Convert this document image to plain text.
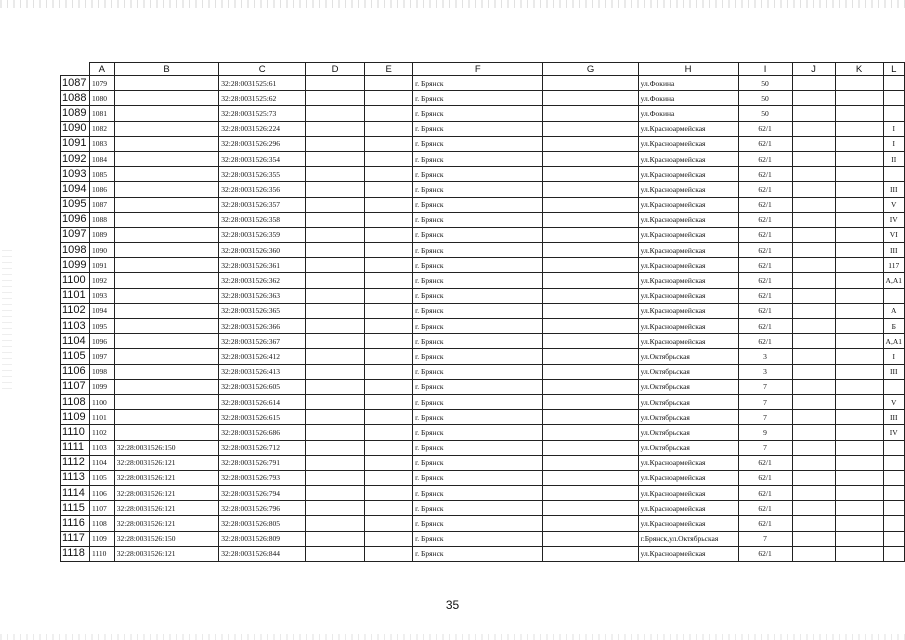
	A	B	C	D	E	F	G	H	I	J	K	L
1087	1079		32:28:0031525:61			г. Брянск		ул.Фокина	50			
1088	1080		32:28:0031525:62			г. Брянск		ул.Фокина	50			
1089	1081		32:28:0031525:73			г. Брянск		ул.Фокина	50			
1090	1082		32:28:0031526:224			г. Брянск		ул.Красноармейская	62/1			I
1091	1083		32:28:0031526:296			г. Брянск		ул.Красноармейская	62/1			I
1092	1084		32:28:0031526:354			г. Брянск		ул.Красноармейская	62/1			II
1093	1085		32:28:0031526:355			г. Брянск		ул.Красноармейская	62/1			
1094	1086		32:28:0031526:356			г. Брянск		ул.Красноармейская	62/1			III
1095	1087		32:28:0031526:357			г. Брянск		ул.Красноармейская	62/1			V
1096	1088		32:28:0031526:358			г. Брянск		ул.Красноармейская	62/1			IV
1097	1089		32:28:0031526:359			г. Брянск		ул.Красноармейская	62/1			VI
1098	1090		32:28:0031526:360			г. Брянск		ул.Красноармейская	62/1			III
1099	1091		32:28:0031526:361			г. Брянск		ул.Красноармейская	62/1			117
1100	1092		32:28:0031526:362			г. Брянск		ул.Красноармейская	62/1			А,А1
1101	1093		32:28:0031526:363			г. Брянск		ул.Красноармейская	62/1			
1102	1094		32:28:0031526:365			г. Брянск		ул.Красноармейская	62/1			А
1103	1095		32:28:0031526:366			г. Брянск		ул.Красноармейская	62/1			Б
1104	1096		32:28:0031526:367			г. Брянск		ул.Красноармейская	62/1			А,А1
1105	1097		32:28:0031526:412			г. Брянск		ул.Октябрьская	3			I
1106	1098		32:28:0031526:413			г. Брянск		ул.Октябрьская	3			III
1107	1099		32:28:0031526:605			г. Брянск		ул.Октябрьская	7			
1108	1100		32:28:0031526:614			г. Брянск		ул.Октябрьская	7			V
1109	1101		32:28:0031526:615			г. Брянск		ул.Октябрьская	7			III
1110	1102		32:28:0031526:686			г. Брянск		ул.Октябрьская	9			IV
1111	1103	32:28:0031526:150	32:28:0031526:712			г. Брянск		ул.Октябрьская	7			
1112	1104	32:28:0031526:121	32:28:0031526:791			г. Брянск		ул.Красноармейская	62/1			
1113	1105	32:28:0031526:121	32:28:0031526:793			г. Брянск		ул.Красноармейская	62/1			
1114	1106	32:28:0031526:121	32:28:0031526:794			г. Брянск		ул.Красноармейская	62/1			
1115	1107	32:28:0031526:121	32:28:0031526:796			г. Брянск		ул.Красноармейская	62/1			
1116	1108	32:28:0031526:121	32:28:0031526:805			г. Брянск		ул.Красноармейская	62/1			
1117	1109	32:28:0031526:150	32:28:0031526:809			г. Брянск		г.Брянск,ул.Октябрьская	7			
1118	1110	32:28:0031526:121	32:28:0031526:844			г. Брянск		ул.Красноармейская	62/1			
35
